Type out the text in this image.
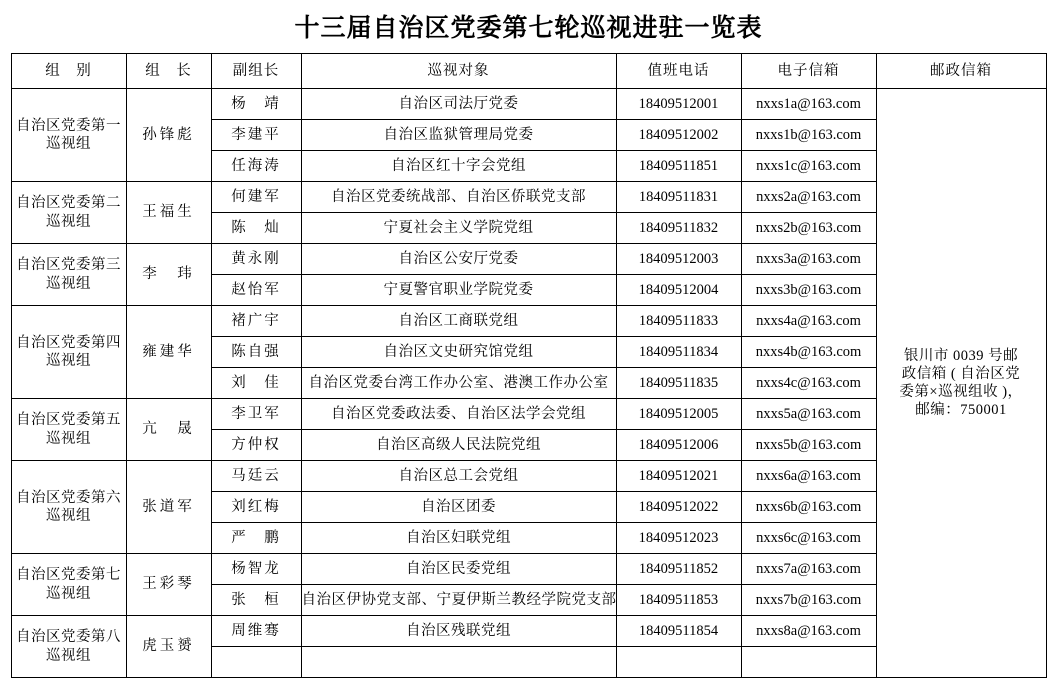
十三届自治区党委第七轮巡视进驻一览表
组　别	组　长	副组长	巡视对象	值班电话	电子信箱	邮政信箱
自治区党委第一巡视组	孙锋彪	杨　靖	自治区司法厅党委	18409512001	nxxs1a@163.com	银川市 0039 号邮
政信箱 ( 自治区党
委第×巡视组收 )，
邮编：750001

		李建平	自治区监狱管理局党委	18409512002	nxxs1b@163.com	
		任海涛	自治区红十字会党组	18409511851	nxxs1c@163.com	
自治区党委第二巡视组	王福生	何建军	自治区党委统战部、自治区侨联党支部	18409511831	nxxs2a@163.com	
		陈　灿	宁夏社会主义学院党组	18409511832	nxxs2b@163.com	
自治区党委第三巡视组	李　玮	黄永刚	自治区公安厅党委	18409512003	nxxs3a@163.com	
		赵怡军	宁夏警官职业学院党委	18409512004	nxxs3b@163.com	
自治区党委第四巡视组	雍建华	褚广宇	自治区工商联党组	18409511833	nxxs4a@163.com	
		陈自强	自治区文史研究馆党组	18409511834	nxxs4b@163.com	
		刘　佳	自治区党委台湾工作办公室、港澳工作办公室	18409511835	nxxs4c@163.com	
自治区党委第五巡视组	亢　晟	李卫军	自治区党委政法委、自治区法学会党组	18409512005	nxxs5a@163.com	
		方仲权	自治区高级人民法院党组	18409512006	nxxs5b@163.com	
自治区党委第六巡视组	张道军	马廷云	自治区总工会党组	18409512021	nxxs6a@163.com	
		刘红梅	自治区团委	18409512022	nxxs6b@163.com	
		严　鹏	自治区妇联党组	18409512023	nxxs6c@163.com	
自治区党委第七巡视组	王彩琴	杨智龙	自治区民委党组	18409511852	nxxs7a@163.com	
		张　桓	自治区伊协党支部、宁夏伊斯兰教经学院党支部	18409511853	nxxs7b@163.com	
自治区党委第八巡视组	虎玉赟	周维骞	自治区残联党组	18409511854	nxxs8a@163.com	
